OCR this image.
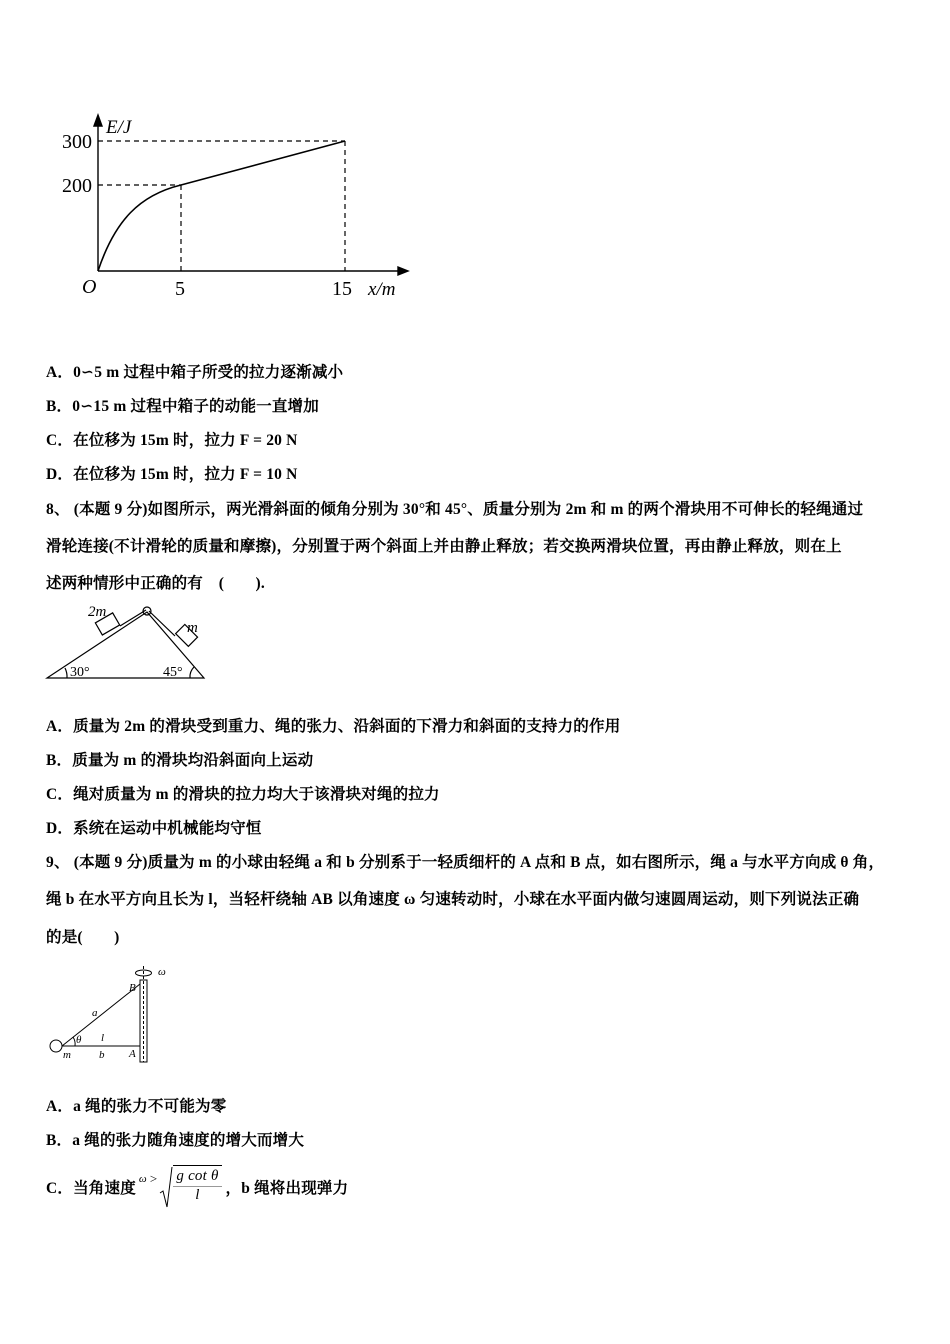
E/J
300
200
O	5	15 x/m
A．0∽5 m 过程中箱子所受的拉力逐渐减小
B．0∽15 m 过程中箱子的动能一直增加
C．在位移为 15m 时，拉力 F = 20 N
D．在位移为 15m 时，拉力 F = 10 N
8、 (本题 9 分)如图所示，两光滑斜面的倾角分别为 30°和 45°、质量分别为 2m 和 m 的两个滑块用不可伸长的轻绳通过
滑轮连接(不计滑轮的质量和摩擦)，分别置于两个斜面上并由静止释放；若交换两滑块位置，再由静止释放，则在上
述两种情形中正确的有　(　　).
2m
m
30°	45°
A．质量为 2m 的滑块受到重力、绳的张力、沿斜面的下滑力和斜面的支持力的作用
B．质量为 m 的滑块均沿斜面向上运动
C．绳对质量为 m 的滑块的拉力均大于该滑块对绳的拉力
D．系统在运动中机械能均守恒
9、 (本题 9 分)质量为 m 的小球由轻绳 a 和 b 分别系于一轻质细杆的 A 点和 B 点，如右图所示，绳 a 与水平方向成 θ 角，
绳 b 在水平方向且长为 l，当轻杆绕轴 AB 以角速度 ω 匀速转动时，小球在水平面内做匀速圆周运动，则下列说法正确
的是(　　)
ω
B
A
a
l
b
θ
m
A．a 绳的张力不可能为零
B．a 绳的张力随角速度的增大而增大
C．当角速度
$\omega > \frac{\text{g cot θ}}{l}$ ，b 绳将出现弹力
